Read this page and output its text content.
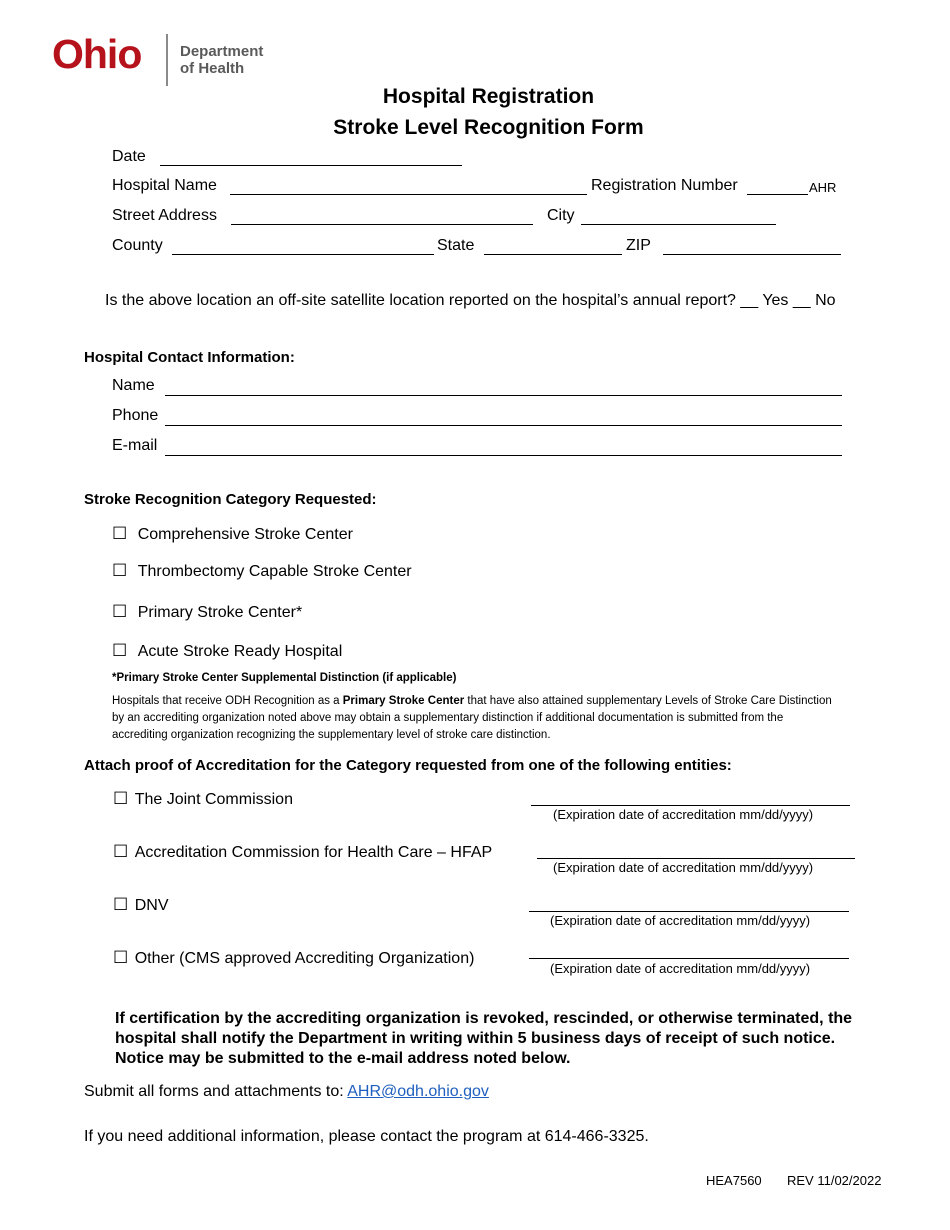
Ohio	Department
of Health
Hospital Registration
Stroke Level Recognition Form
Date
Hospital Name	Registration Number	AHR
Street Address	City
County	State	ZIP
Is the above location an off-site satellite location reported on the hospital’s annual report? __ Yes __ No
Hospital Contact Information:
Name
Phone
E-mail
Stroke Recognition Category Requested:
☐ Comprehensive Stroke Center
☐ Thrombectomy Capable Stroke Center
☐ Primary Stroke Center*
☐ Acute Stroke Ready Hospital
*Primary Stroke Center Supplemental Distinction (if applicable)
Hospitals that receive ODH Recognition as a Primary Stroke Center that have also attained supplementary Levels of Stroke Care Distinction by an accrediting organization noted above may obtain a supplementary distinction if additional documentation is submitted from the accrediting organization recognizing the supplementary level of stroke care distinction.
Attach proof of Accreditation for the Category requested from one of the following entities:
☐ The Joint Commission
(Expiration date of accreditation mm/dd/yyyy)
☐ Accreditation Commission for Health Care – HFAP
(Expiration date of accreditation mm/dd/yyyy)
☐ DNV
(Expiration date of accreditation mm/dd/yyyy)
☐ Other (CMS approved Accrediting Organization)
(Expiration date of accreditation mm/dd/yyyy)
If certification by the accrediting organization is revoked, rescinded, or otherwise terminated, the hospital shall notify the Department in writing within 5 business days of receipt of such notice. Notice may be submitted to the e-mail address noted below.
Submit all forms and attachments to: AHR@odh.ohio.gov
If you need additional information, please contact the program at 614-466-3325.
HEA7560 REV 11/02/2022
